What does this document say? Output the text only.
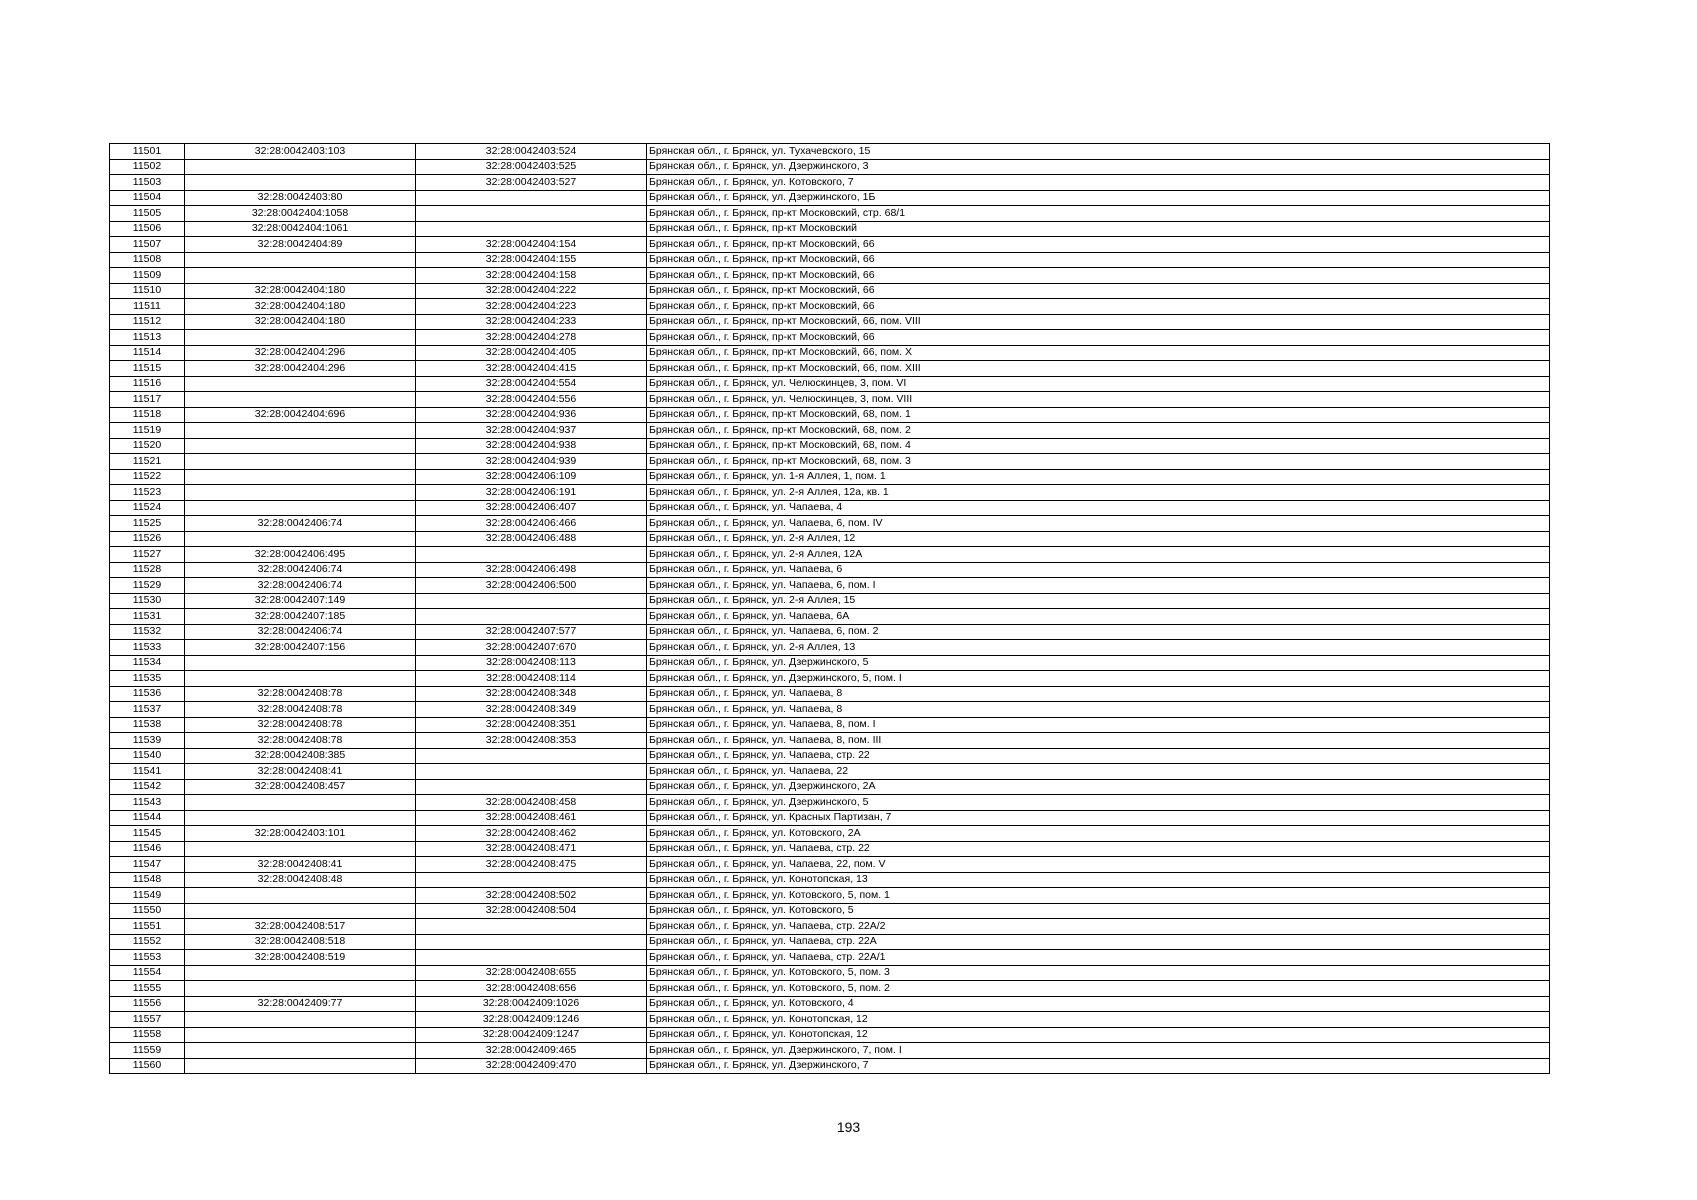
11501	32:28:0042403:103	32:28:0042403:524	Брянская обл., г. Брянск, ул. Тухачевского, 15
11502		32:28:0042403:525	Брянская обл., г. Брянск, ул. Дзержинского, 3
11503		32:28:0042403:527	Брянская обл., г. Брянск, ул. Котовского, 7
11504	32:28:0042403:80		Брянская обл., г. Брянск, ул. Дзержинского, 1Б
11505	32:28:0042404:1058		Брянская обл., г. Брянск, пр-кт Московский, стр. 68/1
11506	32:28:0042404:1061		Брянская обл., г. Брянск, пр-кт Московский
11507	32:28:0042404:89	32:28:0042404:154	Брянская обл., г. Брянск, пр-кт Московский, 66
11508		32:28:0042404:155	Брянская обл., г. Брянск, пр-кт Московский, 66
11509		32:28:0042404:158	Брянская обл., г. Брянск, пр-кт Московский, 66
11510	32:28:0042404:180	32:28:0042404:222	Брянская обл., г. Брянск, пр-кт Московский, 66
11511	32:28:0042404:180	32:28:0042404:223	Брянская обл., г. Брянск, пр-кт Московский, 66
11512	32:28:0042404:180	32:28:0042404:233	Брянская обл., г. Брянск, пр-кт Московский, 66, пом. VIII
11513		32:28:0042404:278	Брянская обл., г. Брянск, пр-кт Московский, 66
11514	32:28:0042404:296	32:28:0042404:405	Брянская обл., г. Брянск, пр-кт Московский, 66, пом. X
11515	32:28:0042404:296	32:28:0042404:415	Брянская обл., г. Брянск, пр-кт Московский, 66, пом. XIII
11516		32:28:0042404:554	Брянская обл., г. Брянск, ул. Челюскинцев, 3, пом. VI
11517		32:28:0042404:556	Брянская обл., г. Брянск, ул. Челюскинцев, 3, пом. VIII
11518	32:28:0042404:696	32:28:0042404:936	Брянская обл., г. Брянск, пр-кт Московский, 68, пом. 1
11519		32:28:0042404:937	Брянская обл., г. Брянск, пр-кт Московский, 68, пом. 2
11520		32:28:0042404:938	Брянская обл., г. Брянск, пр-кт Московский, 68, пом. 4
11521		32:28:0042404:939	Брянская обл., г. Брянск, пр-кт Московский, 68, пом. 3
11522		32:28:0042406:109	Брянская обл., г. Брянск, ул. 1-я Аллея, 1, пом. 1
11523		32:28:0042406:191	Брянская обл., г. Брянск, ул. 2-я Аллея, 12а, кв. 1
11524		32:28:0042406:407	Брянская обл., г. Брянск, ул. Чапаева, 4
11525	32:28:0042406:74	32:28:0042406:466	Брянская обл., г. Брянск, ул. Чапаева, 6, пом. IV
11526		32:28:0042406:488	Брянская обл., г. Брянск, ул. 2-я Аллея, 12
11527	32:28:0042406:495		Брянская обл., г. Брянск, ул. 2-я Аллея, 12А
11528	32:28:0042406:74	32:28:0042406:498	Брянская обл., г. Брянск, ул. Чапаева, 6
11529	32:28:0042406:74	32:28:0042406:500	Брянская обл., г. Брянск, ул. Чапаева, 6, пом. I
11530	32:28:0042407:149		Брянская обл., г. Брянск, ул. 2-я Аллея, 15
11531	32:28:0042407:185		Брянская обл., г. Брянск, ул. Чапаева, 6А
11532	32:28:0042406:74	32:28:0042407:577	Брянская обл., г. Брянск, ул. Чапаева, 6, пом. 2
11533	32:28:0042407:156	32:28:0042407:670	Брянская обл., г. Брянск, ул. 2-я Аллея, 13
11534		32:28:0042408:113	Брянская обл., г. Брянск, ул. Дзержинского, 5
11535		32:28:0042408:114	Брянская обл., г. Брянск, ул. Дзержинского, 5, пом. I
11536	32:28:0042408:78	32:28:0042408:348	Брянская обл., г. Брянск, ул. Чапаева, 8
11537	32:28:0042408:78	32:28:0042408:349	Брянская обл., г. Брянск, ул. Чапаева, 8
11538	32:28:0042408:78	32:28:0042408:351	Брянская обл., г. Брянск, ул. Чапаева, 8, пом. I
11539	32:28:0042408:78	32:28:0042408:353	Брянская обл., г. Брянск, ул. Чапаева, 8, пом. III
11540	32:28:0042408:385		Брянская обл., г. Брянск, ул. Чапаева, стр. 22
11541	32:28:0042408:41		Брянская обл., г. Брянск, ул. Чапаева, 22
11542	32:28:0042408:457		Брянская обл., г. Брянск, ул. Дзержинского, 2А
11543		32:28:0042408:458	Брянская обл., г. Брянск, ул. Дзержинского, 5
11544		32:28:0042408:461	Брянская обл., г. Брянск, ул. Красных Партизан, 7
11545	32:28:0042403:101	32:28:0042408:462	Брянская обл., г. Брянск, ул. Котовского, 2А
11546		32:28:0042408:471	Брянская обл., г. Брянск, ул. Чапаева, стр. 22
11547	32:28:0042408:41	32:28:0042408:475	Брянская обл., г. Брянск, ул. Чапаева, 22, пом. V
11548	32:28:0042408:48		Брянская обл., г. Брянск, ул. Конотопская, 13
11549		32:28:0042408:502	Брянская обл., г. Брянск, ул. Котовского, 5, пом. 1
11550		32:28:0042408:504	Брянская обл., г. Брянск, ул. Котовского, 5
11551	32:28:0042408:517		Брянская обл., г. Брянск, ул. Чапаева, стр. 22А/2
11552	32:28:0042408:518		Брянская обл., г. Брянск, ул. Чапаева, стр. 22А
11553	32:28:0042408:519		Брянская обл., г. Брянск, ул. Чапаева, стр. 22А/1
11554		32:28:0042408:655	Брянская обл., г. Брянск, ул. Котовского, 5, пом. 3
11555		32:28:0042408:656	Брянская обл., г. Брянск, ул. Котовского, 5, пом. 2
11556	32:28:0042409:77	32:28:0042409:1026	Брянская обл., г. Брянск, ул. Котовского, 4
11557		32:28:0042409:1246	Брянская обл., г. Брянск, ул. Конотопская, 12
11558		32:28:0042409:1247	Брянская обл., г. Брянск, ул. Конотопская, 12
11559		32:28:0042409:465	Брянская обл., г. Брянск, ул. Дзержинского, 7, пом. I
11560		32:28:0042409:470	Брянская обл., г. Брянск, ул. Дзержинского, 7
193
